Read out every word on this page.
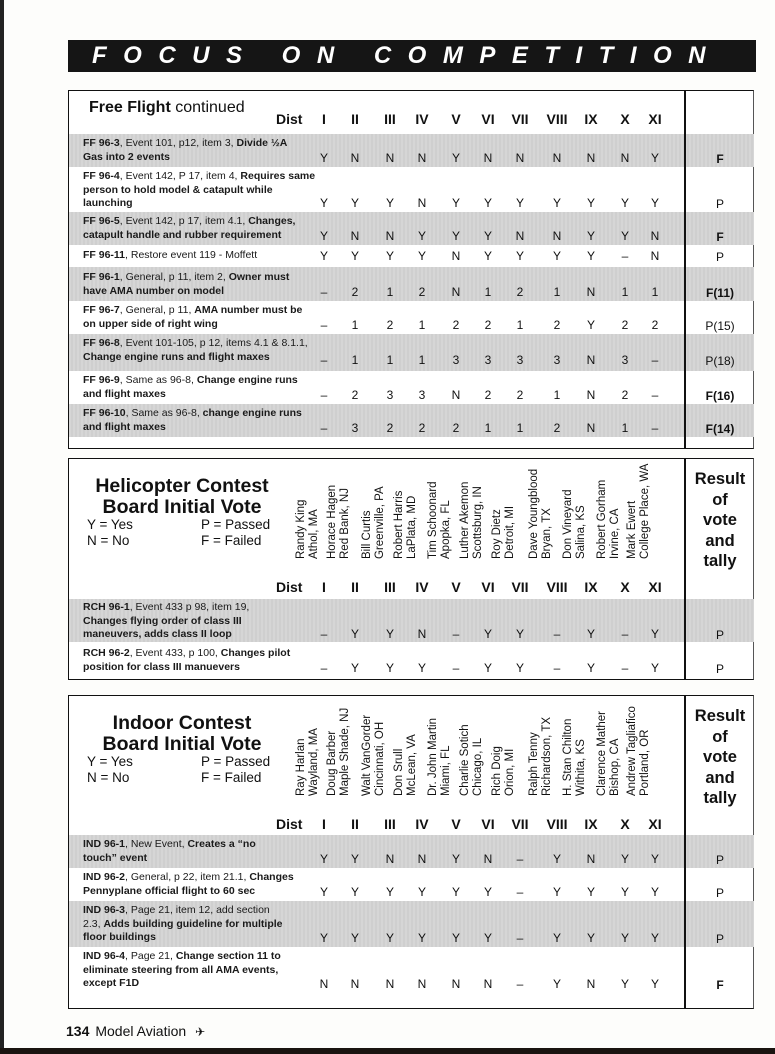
FOCUS ON COMPETITION
Free Flight continued
Dist	I	II	III	IV	V	VI	VII	VIII	IX	X	XI
FF 96-3, Event 101, p12, item 3, Divide ½A Gas into 2 events	Y	N	N	N	Y	N	N	N	N	N	Y	F
FF 96-4, Event 142, P 17, item 4, Requires same person to hold model & catapult while launching	Y	Y	Y	N	Y	Y	Y	Y	Y	Y	Y	P
FF 96-5, Event 142, p 17, item 4.1, Changes, catapult handle and rubber requirement	Y	N	N	Y	Y	Y	N	N	Y	Y	N	F
FF 96-11, Restore event 119 - Moffett	Y	Y	Y	Y	N	Y	Y	Y	Y	–	N	P
FF 96-1, General, p 11, item 2, Owner must have AMA number on model	–	2	1	2	N	1	2	1	N	1	1	F(11)
FF 96-7, General, p 11, AMA number must be on upper side of right wing	–	1	2	1	2	2	1	2	Y	2	2	P(15)
FF 96-8, Event 101-105, p 12, items 4.1 & 8.1.1, Change engine runs and flight maxes	–	1	1	1	3	3	3	3	N	3	–	P(18)
FF 96-9, Same as 96-8, Change engine runs and flight maxes	–	2	3	3	N	2	2	1	N	2	–	F(16)
FF 96-10, Same as 96-8, change engine runs and flight maxes	–	3	2	2	2	1	1	2	N	1	–	F(14)
Helicopter Contest
Board Initial Vote
Y = Yes
N = No
P = Passed
F = Failed
Result
of
vote
and
tally
Dist
Randy King Athol, MA Horace Hagen Red Bank, NJ Bill Curtis Greenville, PA Robert Harris LaPlata, MD Tim Schoonard Apopka, FL Luther Akemon Scottsburg, IN Roy Dietz Detroit, MI Dave Youngblood Bryan, TX Don Vineyard Salina, KS Robert Gorham Irvine, CA Mark Ewert College Place, WA
I	II	III	IV	V	VI	VII	VIII	IX	X	XI
RCH 96-1, Event 433 p 98, item 19, Changes flying order of class III maneuvers, adds class II loop	–	Y	Y	N	–	Y	Y	–	Y	–	Y	P
RCH 96-2, Event 433, p 100, Changes pilot position for class III manuevers	–	Y	Y	Y	–	Y	Y	–	Y	–	Y	P
Indoor Contest
Board Initial Vote
Y = Yes
N = No
P = Passed
F = Failed
Result
of
vote
and
tally
Dist
Ray Harlan Wayland, MA Doug Barber Maple Shade, NJ Walt VanGorder Cincinnati, OH Don Srull McLean, VA Dr. John Martin Miami, FL Charlie Sotich Chicago, IL Rich Doig Orion, MI Ralph Tenny Richardson, TX H. Stan Chilton Withita, KS Clarence Mather Bishop, CA Andrew Tagliafico Portland, OR
I	II	III	IV	V	VI	VII	VIII	IX	X	XI
IND 96-1, New Event, Creates a “no touch” event	Y	Y	N	N	Y	N	–	Y	N	Y	Y	P
IND 96-2, General, p 22, item 21.1, Changes Pennyplane official flight to 60 sec	Y	Y	Y	Y	Y	Y	–	Y	Y	Y	Y	P
IND 96-3, Page 21, item 12, add section 2.3, Adds building guideline for multiple floor buildings	Y	Y	Y	Y	Y	Y	–	Y	Y	Y	Y	P
IND 96-4, Page 21, Change section 11 to eliminate steering from all AMA events, except F1D	N	N	N	N	N	N	–	Y	N	Y	Y	F
134 Model Aviation ✈
